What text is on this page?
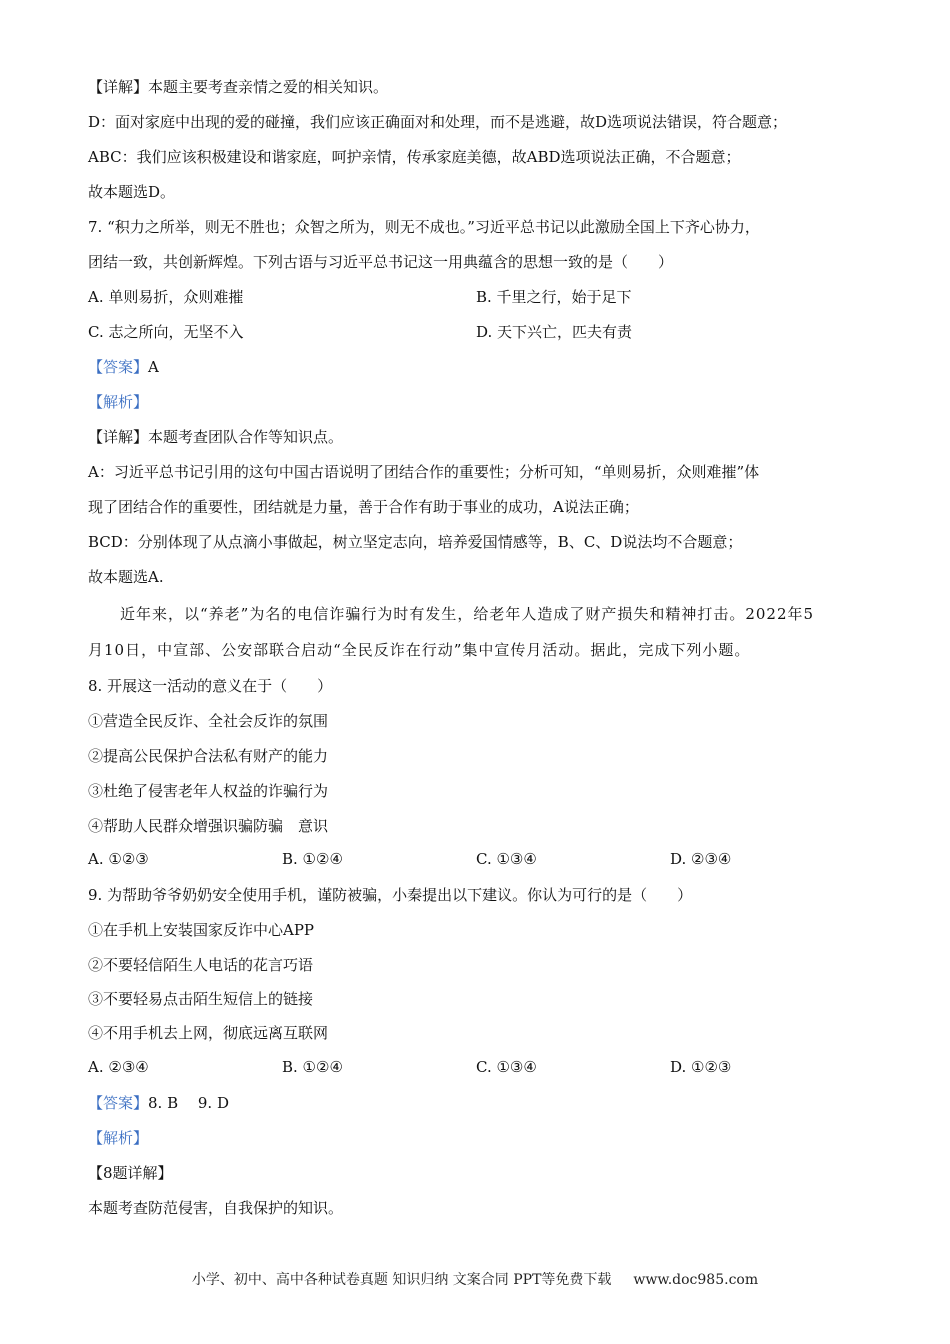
【详解】本题主要考查亲情之爱的相关知识。
D：面对家庭中出现的爱的碰撞，我们应该正确面对和处理，而不是逃避，故D选项说法错误，符合题意；
ABC：我们应该积极建设和谐家庭，呵护亲情，传承家庭美德，故ABD选项说法正确，不合题意；
故本题选D。
7. “积力之所举，则无不胜也；众智之所为，则无不成也。”习近平总书记以此激励全国上下齐心协力，
团结一致，共创新辉煌。下列古语与习近平总书记这一用典蕴含的思想一致的是（　　）
A. 单则易折，众则难摧	B. 千里之行，始于足下
C. 志之所向，无坚不入	D. 天下兴亡，匹夫有责
【答案】A
【解析】
【详解】本题考查团队合作等知识点。
A：习近平总书记引用的这句中国古语说明了团结合作的重要性；分析可知，“单则易折，众则难摧”体
现了团结合作的重要性，团结就是力量，善于合作有助于事业的成功，A说法正确；
BCD：分别体现了从点滴小事做起，树立坚定志向，培养爱国情感等，B、C、D说法均不合题意；
故本题选A.
近年来，以“养老”为名的电信诈骗行为时有发生，给老年人造成了财产损失和精神打击。2022年5
月10日，中宣部、公安部联合启动“全民反诈在行动”集中宣传月活动。据此，完成下列小题。
8. 开展这一活动的意义在于（　　）
①营造全民反诈、全社会反诈的氛围
②提高公民保护合法私有财产的能力
③杜绝了侵害老年人权益的诈骗行为
④帮助人民群众增强识骗防骗　意识
A. ①②③	B. ①②④	C. ①③④	D. ②③④
9. 为帮助爷爷奶奶安全使用手机，谨防被骗，小秦提出以下建议。你认为可行的是（　　）
①在手机上安装国家反诈中心APP
②不要轻信陌生人电话的花言巧语
③不要轻易点击陌生短信上的链接
④不用手机去上网，彻底远离互联网
A. ②③④	B. ①②④	C. ①③④	D. ①②③
【答案】8. B　 9. D
【解析】
【8题详解】
本题考查防范侵害，自我保护的知识。
小学、初中、高中各种试卷真题 知识归纳 文案合同 PPT等免费下载 www.doc985.com
